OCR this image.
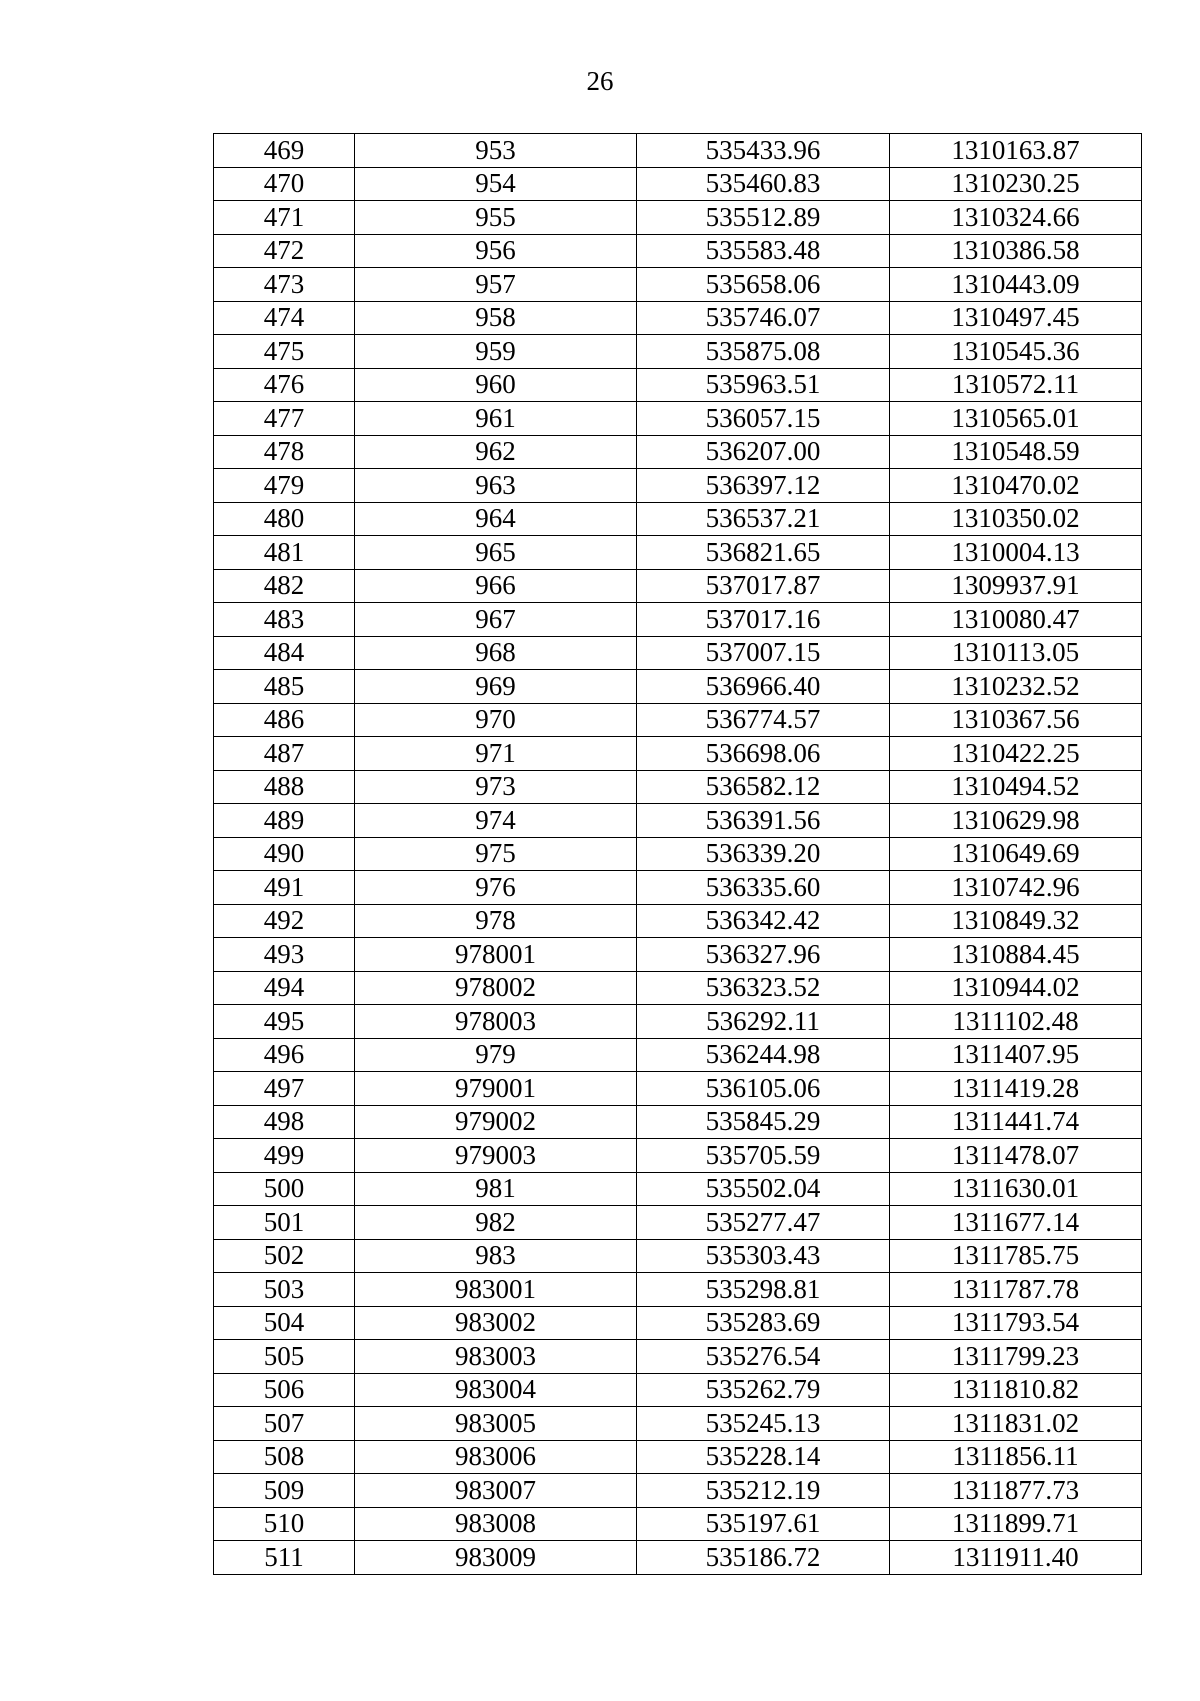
26
469	953	535433.96	1310163.87
470	954	535460.83	1310230.25
471	955	535512.89	1310324.66
472	956	535583.48	1310386.58
473	957	535658.06	1310443.09
474	958	535746.07	1310497.45
475	959	535875.08	1310545.36
476	960	535963.51	1310572.11
477	961	536057.15	1310565.01
478	962	536207.00	1310548.59
479	963	536397.12	1310470.02
480	964	536537.21	1310350.02
481	965	536821.65	1310004.13
482	966	537017.87	1309937.91
483	967	537017.16	1310080.47
484	968	537007.15	1310113.05
485	969	536966.40	1310232.52
486	970	536774.57	1310367.56
487	971	536698.06	1310422.25
488	973	536582.12	1310494.52
489	974	536391.56	1310629.98
490	975	536339.20	1310649.69
491	976	536335.60	1310742.96
492	978	536342.42	1310849.32
493	978001	536327.96	1310884.45
494	978002	536323.52	1310944.02
495	978003	536292.11	1311102.48
496	979	536244.98	1311407.95
497	979001	536105.06	1311419.28
498	979002	535845.29	1311441.74
499	979003	535705.59	1311478.07
500	981	535502.04	1311630.01
501	982	535277.47	1311677.14
502	983	535303.43	1311785.75
503	983001	535298.81	1311787.78
504	983002	535283.69	1311793.54
505	983003	535276.54	1311799.23
506	983004	535262.79	1311810.82
507	983005	535245.13	1311831.02
508	983006	535228.14	1311856.11
509	983007	535212.19	1311877.73
510	983008	535197.61	1311899.71
511	983009	535186.72	1311911.40
